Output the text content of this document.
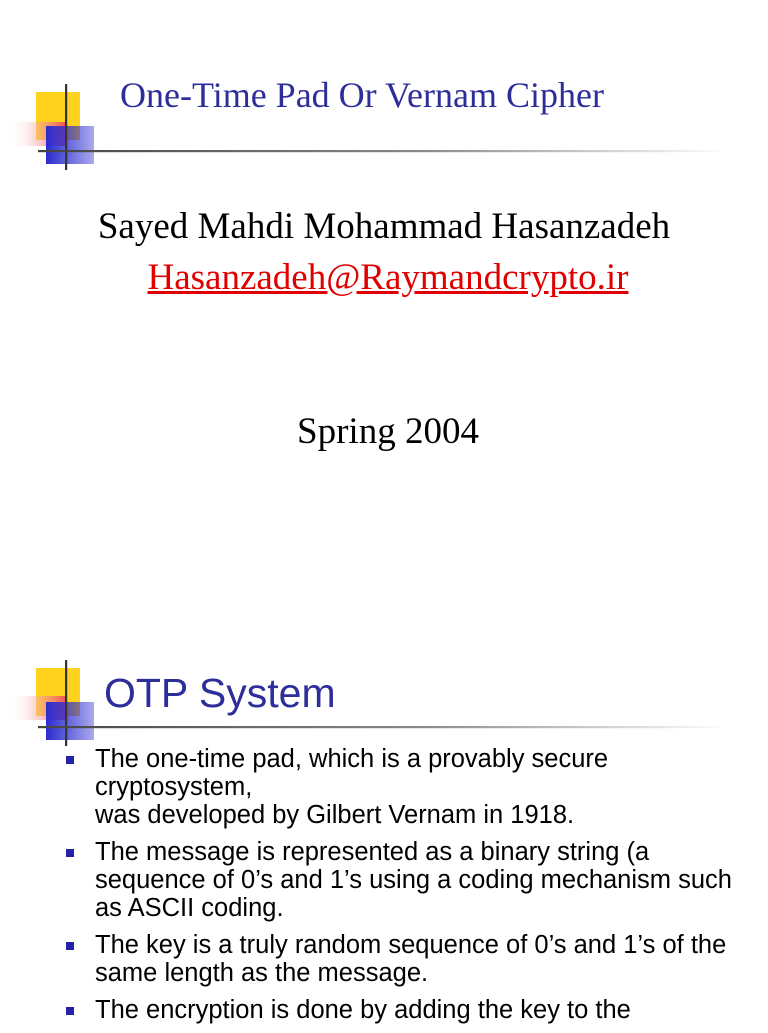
One-Time Pad Or Vernam Cipher

Sayed Mahdi Mohammad Hasanzadeh

Hasanzadeh@Raymandcrypto.ir

Spring 2004

OTP System
The one-time pad, which is a provably secure cryptosystem,
was developed by Gilbert Vernam in 1918.
The message is represented as a binary string (a sequence of 0’s and 1’s using a coding mechanism such as ASCII coding.
The key is a truly random sequence of 0’s and 1’s of the same length as the message.
The encryption is done by adding the key to the
